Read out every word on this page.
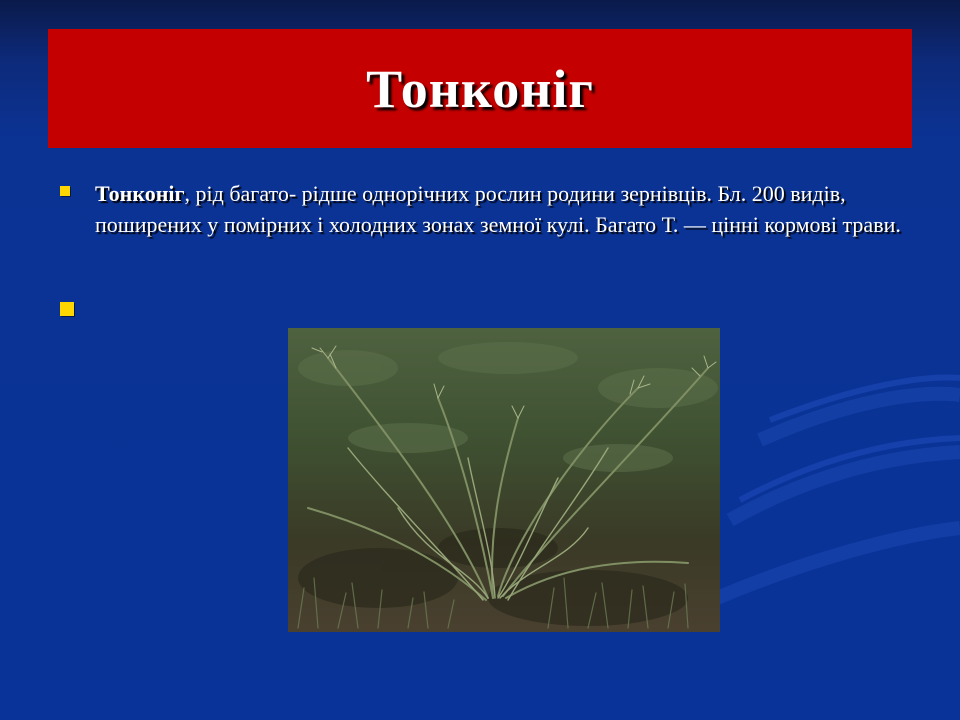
Тонконіг
Тонконіг, рід багато- рідше однорічних рослин родини зернівців. Бл. 200 видів, поширених у помірних і холодних зонах земної кулі. Багато Т. — цінні кормові трави.
